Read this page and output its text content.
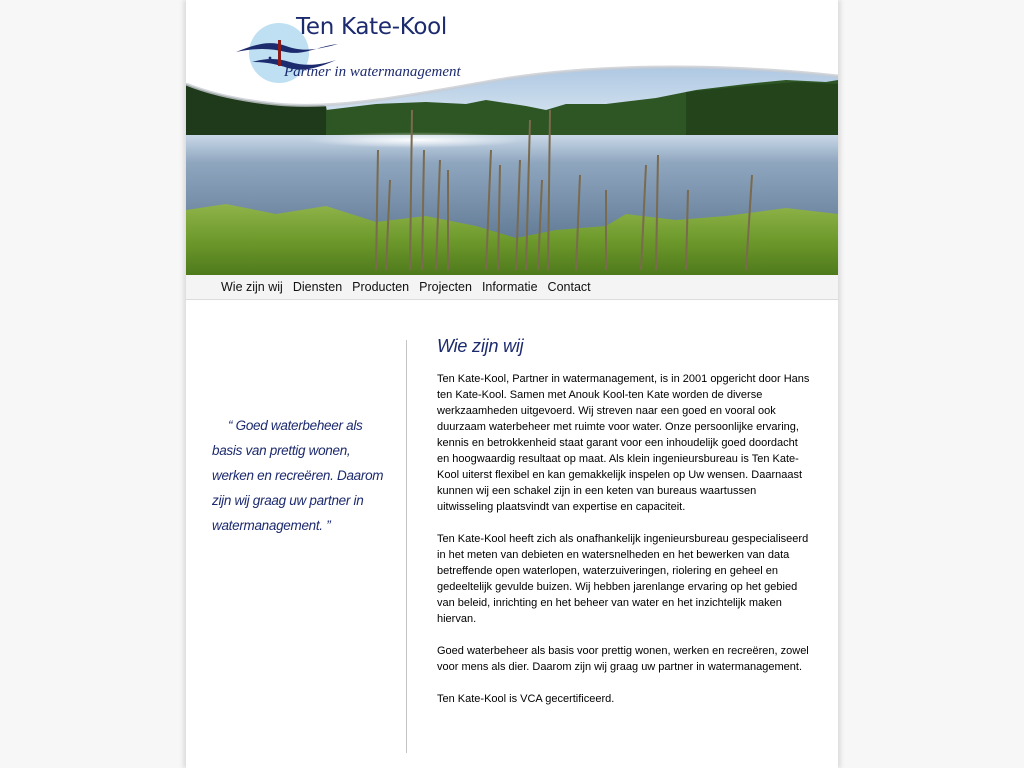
Ten Kate-Kool
Partner in watermanagement
Wie zijn wij Diensten Producten Projecten Informatie Contact
“ Goed waterbeheer als basis van prettig wonen, werken en recreëren. Daarom zijn wij graag uw partner in watermanagement. ”
Wie zijn wij

Ten Kate-Kool, Partner in watermanagement, is in 2001 opgericht door Hans ten Kate-Kool. Samen met Anouk Kool-ten Kate worden de diverse werkzaamheden uitgevoerd. Wij streven naar een goed en vooral ook duurzaam waterbeheer met ruimte voor water. Onze persoonlijke ervaring, kennis en betrokkenheid staat garant voor een inhoudelijk goed doordacht en hoogwaardig resultaat op maat. Als klein ingenieursbureau is Ten Kate-Kool uiterst flexibel en kan gemakkelijk inspelen op Uw wensen. Daarnaast kunnen wij een schakel zijn in een keten van bureaus waartussen uitwisseling plaatsvindt van expertise en capaciteit.

Ten Kate-Kool heeft zich als onafhankelijk ingenieursbureau gespecialiseerd in het meten van debieten en watersnelheden en het bewerken van data betreffende open waterlopen, waterzuiveringen, riolering en geheel en gedeeltelijk gevulde buizen. Wij hebben jarenlange ervaring op het gebied van beleid, inrichting en het beheer van water en het inzichtelijk maken hiervan.

Goed waterbeheer als basis voor prettig wonen, werken en recreëren, zowel voor mens als dier. Daarom zijn wij graag uw partner in watermanagement.

Ten Kate-Kool is VCA gecertificeerd.
